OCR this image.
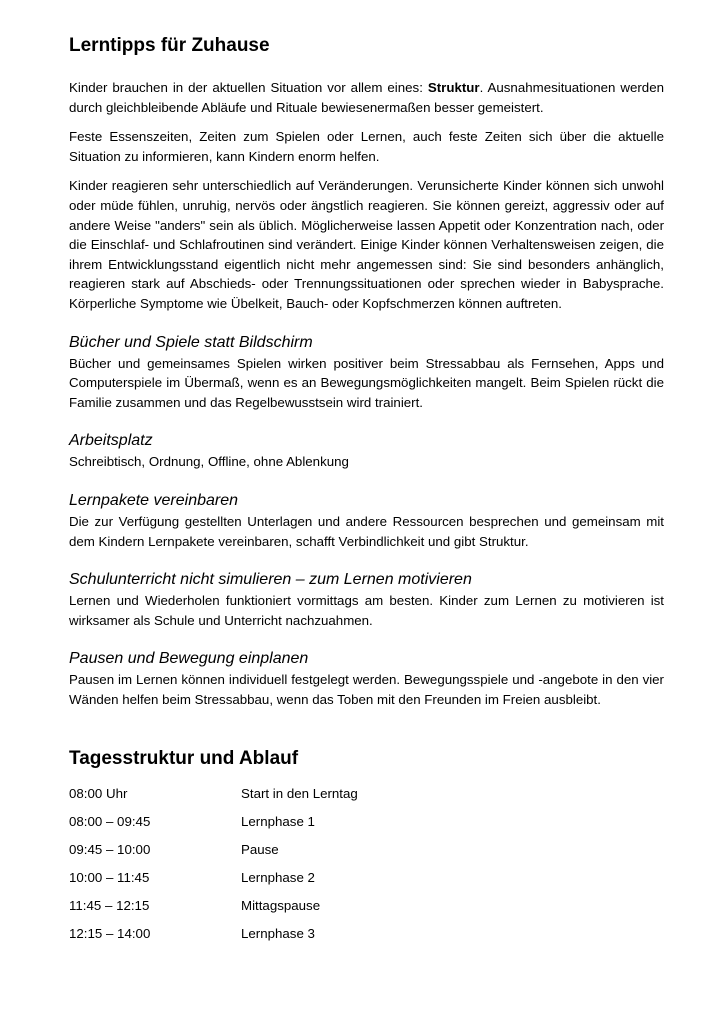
Lerntipps für Zuhause

Kinder brauchen in der aktuellen Situation vor allem eines: Struktur. Ausnahmesituationen werden durch gleichbleibende Abläufe und Rituale bewiesenermaßen besser gemeistert.

Feste Essenszeiten, Zeiten zum Spielen oder Lernen, auch feste Zeiten sich über die aktuelle Situation zu informieren, kann Kindern enorm helfen.

Kinder reagieren sehr unterschiedlich auf Veränderungen. Verunsicherte Kinder können sich unwohl oder müde fühlen, unruhig, nervös oder ängstlich reagieren. Sie können gereizt, aggressiv oder auf andere Weise "anders" sein als üblich. Möglicherweise lassen Appetit oder Konzentration nach, oder die Einschlaf- und Schlafroutinen sind verändert. Einige Kinder können Verhaltensweisen zeigen, die ihrem Entwicklungsstand eigentlich nicht mehr angemessen sind: Sie sind besonders anhänglich, reagieren stark auf Abschieds- oder Trennungssituationen oder sprechen wieder in Babysprache. Körperliche Symptome wie Übelkeit, Bauch- oder Kopfschmerzen können auftreten.

Bücher und Spiele statt Bildschirm

Bücher und gemeinsames Spielen wirken positiver beim Stressabbau als Fernsehen, Apps und Computerspiele im Übermaß, wenn es an Bewegungsmöglichkeiten mangelt. Beim Spielen rückt die Familie zusammen und das Regelbewusstsein wird trainiert.

Arbeitsplatz

Schreibtisch, Ordnung, Offline, ohne Ablenkung

Lernpakete vereinbaren

Die zur Verfügung gestellten Unterlagen und andere Ressourcen besprechen und gemeinsam mit dem Kindern Lernpakete vereinbaren, schafft Verbindlichkeit und gibt Struktur.

Schulunterricht nicht simulieren – zum Lernen motivieren

Lernen und Wiederholen funktioniert vormittags am besten. Kinder zum Lernen zu motivieren ist wirksamer als Schule und Unterricht nachzuahmen.

Pausen und Bewegung einplanen

Pausen im Lernen können individuell festgelegt werden. Bewegungsspiele und -angebote in den vier Wänden helfen beim Stressabbau, wenn das Toben mit den Freunden im Freien ausbleibt.

Tagesstruktur und Ablauf
08:00 Uhr	Start in den Lerntag
08:00 – 09:45	Lernphase 1
09:45 – 10:00	Pause
10:00 – 11:45	Lernphase 2
11:45 – 12:15	Mittagspause
12:15 – 14:00	Lernphase 3
